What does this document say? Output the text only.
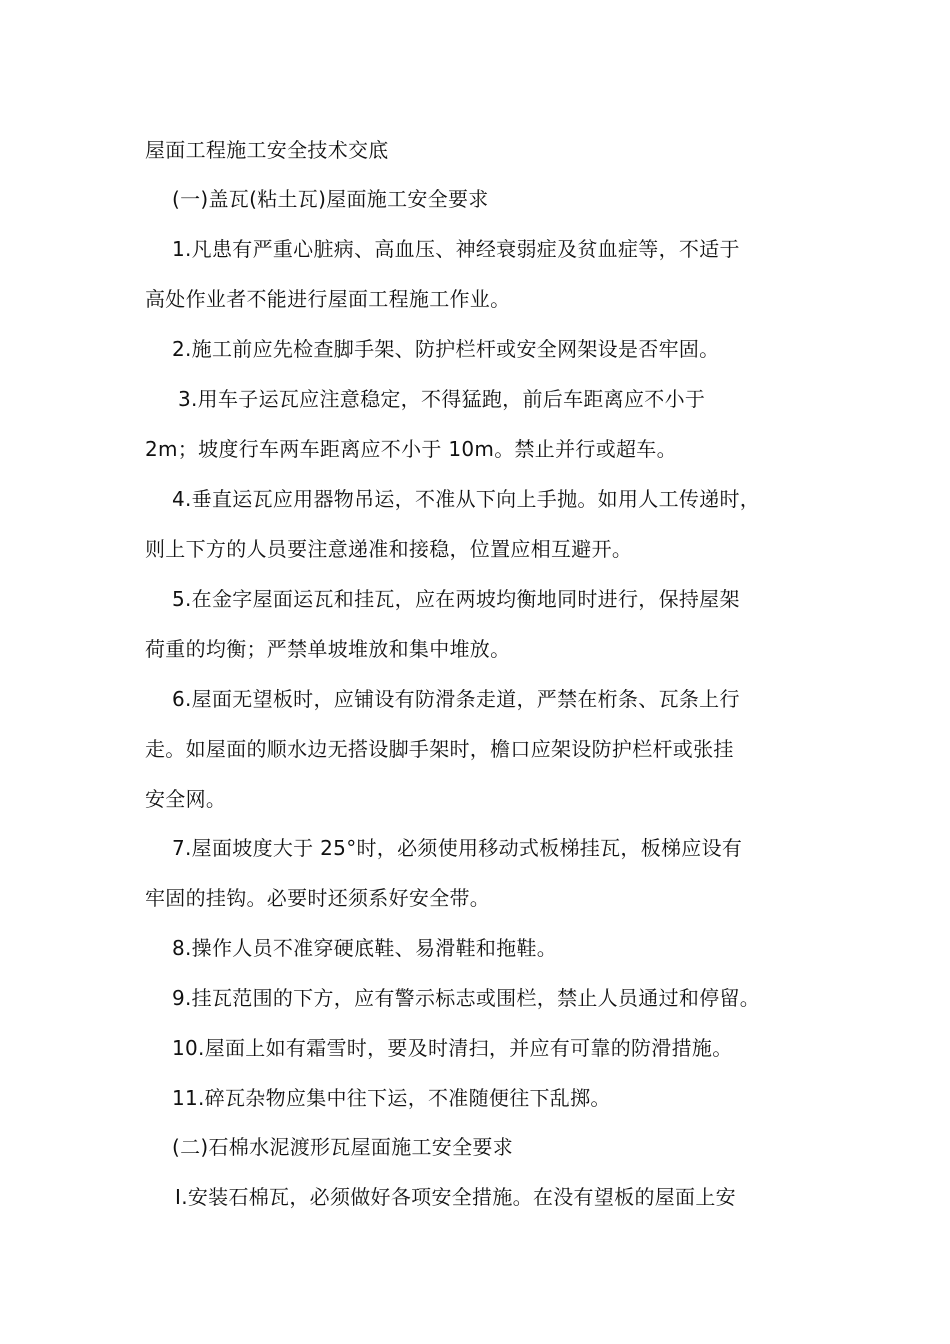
屋面工程施工安全技术交底
(一)盖瓦(粘土瓦)屋面施工安全要求
1.凡患有严重心脏病、高血压、神经衰弱症及贫血症等，不适于
高处作业者不能进行屋面工程施工作业。
2.施工前应先检查脚手架、防护栏杆或安全网架设是否牢固。
3.用车子运瓦应注意稳定，不得猛跑，前后车距离应不小于
2m；坡度行车两车距离应不小于 10m。禁止并行或超车。
4.垂直运瓦应用器物吊运，不准从下向上手抛。如用人工传递时，
则上下方的人员要注意递准和接稳，位置应相互避开。
5.在金字屋面运瓦和挂瓦，应在两坡均衡地同时进行，保持屋架
荷重的均衡；严禁单坡堆放和集中堆放。
6.屋面无望板时，应铺设有防滑条走道，严禁在桁条、瓦条上行
走。如屋面的顺水边无搭设脚手架时，檐口应架设防护栏杆或张挂
安全网。
7.屋面坡度大于 25°时，必须使用移动式板梯挂瓦，板梯应设有
牢固的挂钩。必要时还须系好安全带。
8.操作人员不准穿硬底鞋、易滑鞋和拖鞋。
9.挂瓦范围的下方，应有警示标志或围栏，禁止人员通过和停留。
10.屋面上如有霜雪时，要及时清扫，并应有可靠的防滑措施。
11.碎瓦杂物应集中往下运，不准随便往下乱掷。
(二)石棉水泥渡形瓦屋面施工安全要求
I.安装石棉瓦，必须做好各项安全措施。在没有望板的屋面上安
